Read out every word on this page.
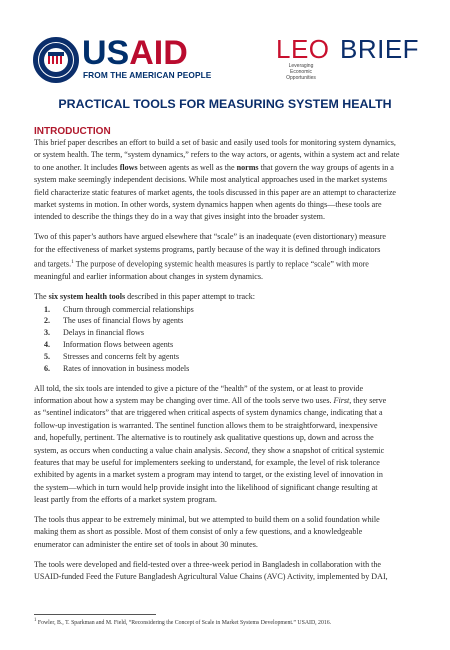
USAID
FROM THE AMERICAN PEOPLE
LEO BRIEF
Leveraging Economic
Opportunities
PRACTICAL TOOLS FOR MEASURING SYSTEM HEALTH
INTRODUCTION

This brief paper describes an effort to build a set of basic and easily used tools for monitoring system dynamics,
or system health. The term, “system dynamics,” refers to the way actors, or agents, within a system act and relate
to one another. It includes flows between agents as well as the norms that govern the way groups of agents in a
system make seemingly independent decisions. While most analytical approaches used in the market systems
field characterize static features of market agents, the tools discussed in this paper are an attempt to characterize
market systems in motion. In other words, system dynamics happen when agents do things—these tools are
intended to describe the things they do in a way that gives insight into the broader system.

Two of this paper’s authors have argued elsewhere that “scale” is an inadequate (even distortionary) measure
for the effectiveness of market systems programs, partly because of the way it is defined through indicators
and targets.$^1$ The purpose of developing systemic health measures is partly to replace “scale” with more
meaningful and earlier information about changes in system dynamics.

The six system health tools described in this paper attempt to track:

1. Churn through commercial relationships
2. The uses of financial flows by agents
3. Delays in financial flows
4. Information flows between agents
5. Stresses and concerns felt by agents
6. Rates of innovation in business models

All told, the six tools are intended to give a picture of the “health” of the system, or at least to provide
information about how a system may be changing over time. All of the tools serve two uses. First, they serve
as “sentinel indicators” that are triggered when critical aspects of system dynamics change, indicating that a
follow-up investigation is warranted. The sentinel function allows them to be straightforward, inexpensive
and, hopefully, pertinent. The alternative is to routinely ask qualitative questions up, down and across the
system, as occurs when conducting a value chain analysis. Second, they show a snapshot of critical systemic
features that may be useful for implementers seeking to understand, for example, the level of risk tolerance
exhibited by agents in a market system a program may intend to target, or the existing level of innovation in
the system—which in turn would help provide insight into the likelihood of significant change resulting at
least partly from the efforts of a market system program.

The tools thus appear to be extremely minimal, but we attempted to build them on a solid foundation while
making them as short as possible. Most of them consist of only a few questions, and a knowledgeable
enumerator can administer the entire set of tools in about 30 minutes.

The tools were developed and field-tested over a three-week period in Bangladesh in collaboration with the
USAID-funded Feed the Future Bangladesh Agricultural Value Chains (AVC) Activity, implemented by DAI,

$^1$ Fowler, B., T. Sparkman and M. Field, “Reconsidering the Concept of Scale in Market Systems Development.” USAID, 2016.
